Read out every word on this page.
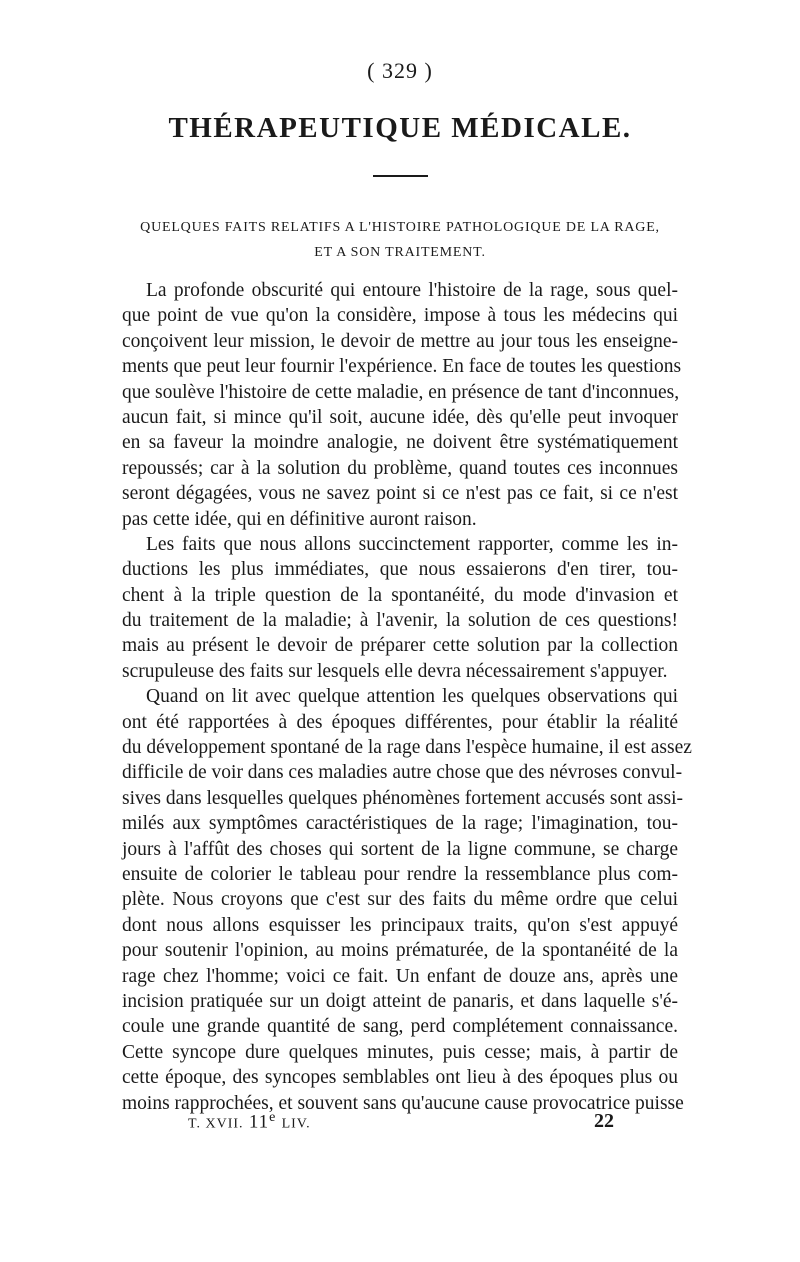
( 329 )
THÉRAPEUTIQUE MÉDICALE.
QUELQUES FAITS RELATIFS A L'HISTOIRE PATHOLOGIQUE DE LA RAGE,
ET A SON TRAITEMENT.
La profonde obscurité qui entoure l'histoire de la rage, sous quel-
que point de vue qu'on la considère, impose à tous les médecins qui
conçoivent leur mission, le devoir de mettre au jour tous les enseigne-
ments que peut leur fournir l'expérience. En face de toutes les questions
que soulève l'histoire de cette maladie, en présence de tant d'inconnues,
aucun fait, si mince qu'il soit, aucune idée, dès qu'elle peut invoquer
en sa faveur la moindre analogie, ne doivent être systématiquement
repoussés; car à la solution du problème, quand toutes ces inconnues
seront dégagées, vous ne savez point si ce n'est pas ce fait, si ce n'est
pas cette idée, qui en définitive auront raison.
Les faits que nous allons succinctement rapporter, comme les in-
ductions les plus immédiates, que nous essaierons d'en tirer, tou-
chent à la triple question de la spontanéité, du mode d'invasion et
du traitement de la maladie; à l'avenir, la solution de ces questions!
mais au présent le devoir de préparer cette solution par la collection
scrupuleuse des faits sur lesquels elle devra nécessairement s'appuyer.
Quand on lit avec quelque attention les quelques observations qui
ont été rapportées à des époques différentes, pour établir la réalité
du développement spontané de la rage dans l'espèce humaine, il est assez
difficile de voir dans ces maladies autre chose que des névroses convul-
sives dans lesquelles quelques phénomènes fortement accusés sont assi-
milés aux symptômes caractéristiques de la rage; l'imagination, tou-
jours à l'affût des choses qui sortent de la ligne commune, se charge
ensuite de colorier le tableau pour rendre la ressemblance plus com-
plète. Nous croyons que c'est sur des faits du même ordre que celui
dont nous allons esquisser les principaux traits, qu'on s'est appuyé
pour soutenir l'opinion, au moins prématurée, de la spontanéité de la
rage chez l'homme; voici ce fait. Un enfant de douze ans, après une
incision pratiquée sur un doigt atteint de panaris, et dans laquelle s'é-
coule une grande quantité de sang, perd complétement connaissance.
Cette syncope dure quelques minutes, puis cesse; mais, à partir de
cette époque, des syncopes semblables ont lieu à des époques plus ou
moins rapprochées, et souvent sans qu'aucune cause provocatrice puisse
T. XVII. 11e LIV.	22
